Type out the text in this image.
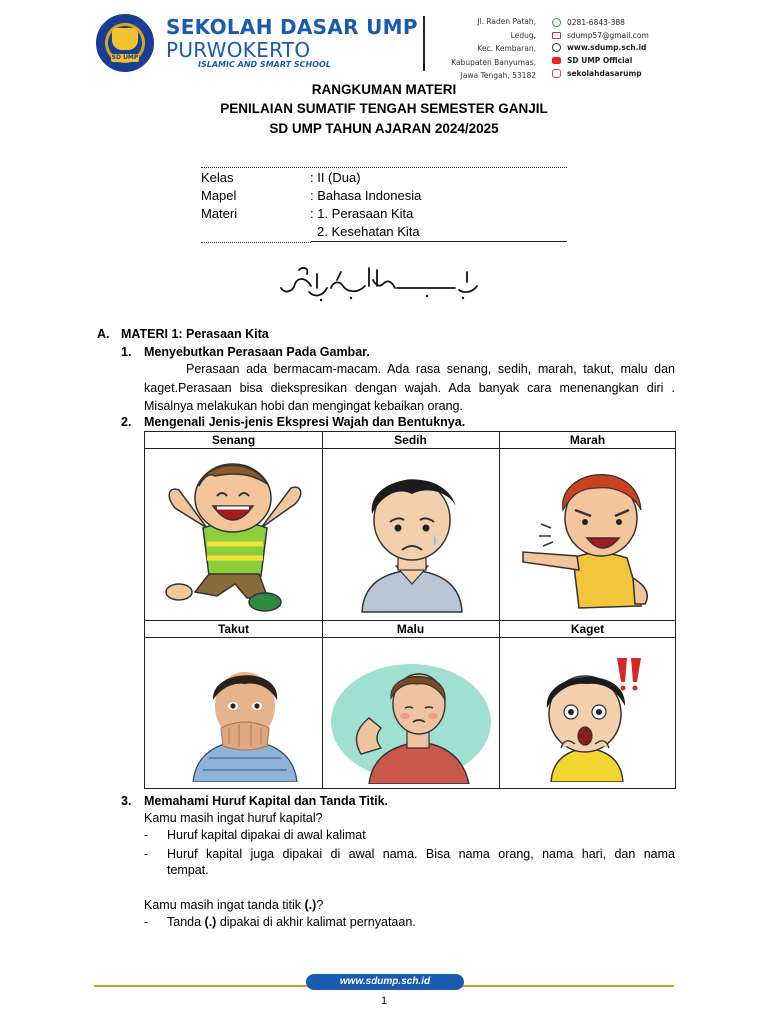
SD UMP
SEKOLAH DASAR UMP
PURWOKERTO
ISLAMIC AND SMART SCHOOL
Jl. Raden Patah,
Ledug,
Kec. Kembaran,
Kabupaten Banyumas,
Jawa Tengah, 53182
0281-6843-388
sdump57@gmail.com
www.sdump.sch.id
SD UMP Official
sekolahdasarump
RANGKUMAN MATERI
PENILAIAN SUMATIF TENGAH SEMESTER GANJIL
SD UMP TAHUN AJARAN 2024/2025
Kelas	: II (Dua)
Mapel	: Bahasa Indonesia
Materi	: 1. Perasaan Kita
2. Kesehatan Kita
A. MATERI 1: Perasaan Kita
1. Menyebutkan Perasaan Pada Gambar.
Perasaan ada bermacam-macam. Ada rasa senang, sedih, marah, takut, malu dan kaget.Perasaan bisa diekspresikan dengan wajah. Ada banyak cara menenangkan diri . Misalnya melakukan hobi dan mengingat kebaikan orang.
2. Mengenali Jenis-jenis Ekspresi Wajah dan Bentuknya.
Senang	Sedih	Marah
Takut	Malu	Kaget
3. Memahami Huruf Kapital dan Tanda Titik.
Kamu masih ingat huruf kapital?
- Huruf kapital dipakai di awal kalimat
- Huruf kapital juga dipakai di awal nama. Bisa nama orang, nama hari, dan nama
tempat.
Kamu masih ingat tanda titik (.)?
- Tanda (.) dipakai di akhir kalimat pernyataan.
www.sdump.sch.id
1
